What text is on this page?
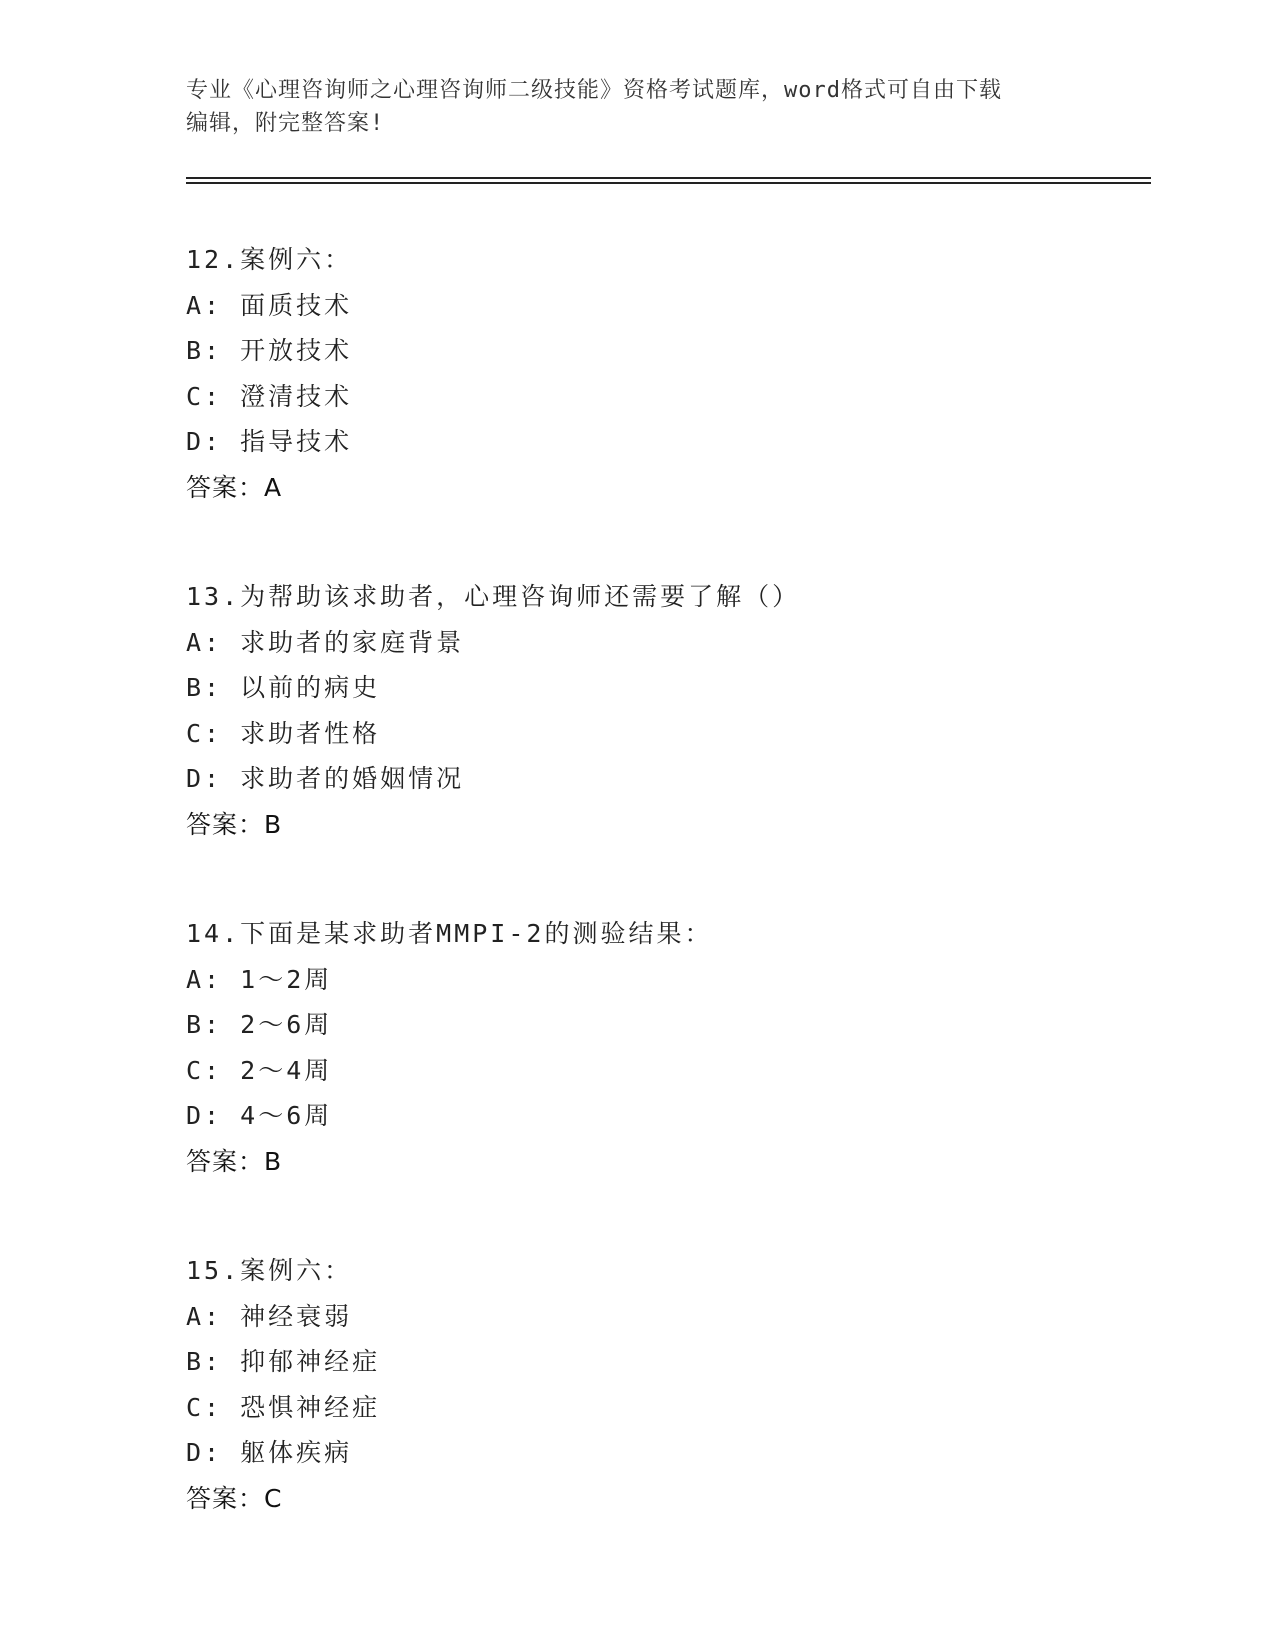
专业《心理咨询师之心理咨询师二级技能》资格考试题库，word格式可自由下载
编辑，附完整答案!
12.案例六：
A: 面质技术
B: 开放技术
C: 澄清技术
D: 指导技术
答案：A
13.为帮助该求助者，心理咨询师还需要了解（）
A: 求助者的家庭背景
B: 以前的病史
C: 求助者性格
D: 求助者的婚姻情况
答案：B
14.下面是某求助者MMPI-2的测验结果：
A: 1～2周
B: 2～6周
C: 2～4周
D: 4～6周
答案：B
15.案例六：
A: 神经衰弱
B: 抑郁神经症
C: 恐惧神经症
D: 躯体疾病
答案：C
